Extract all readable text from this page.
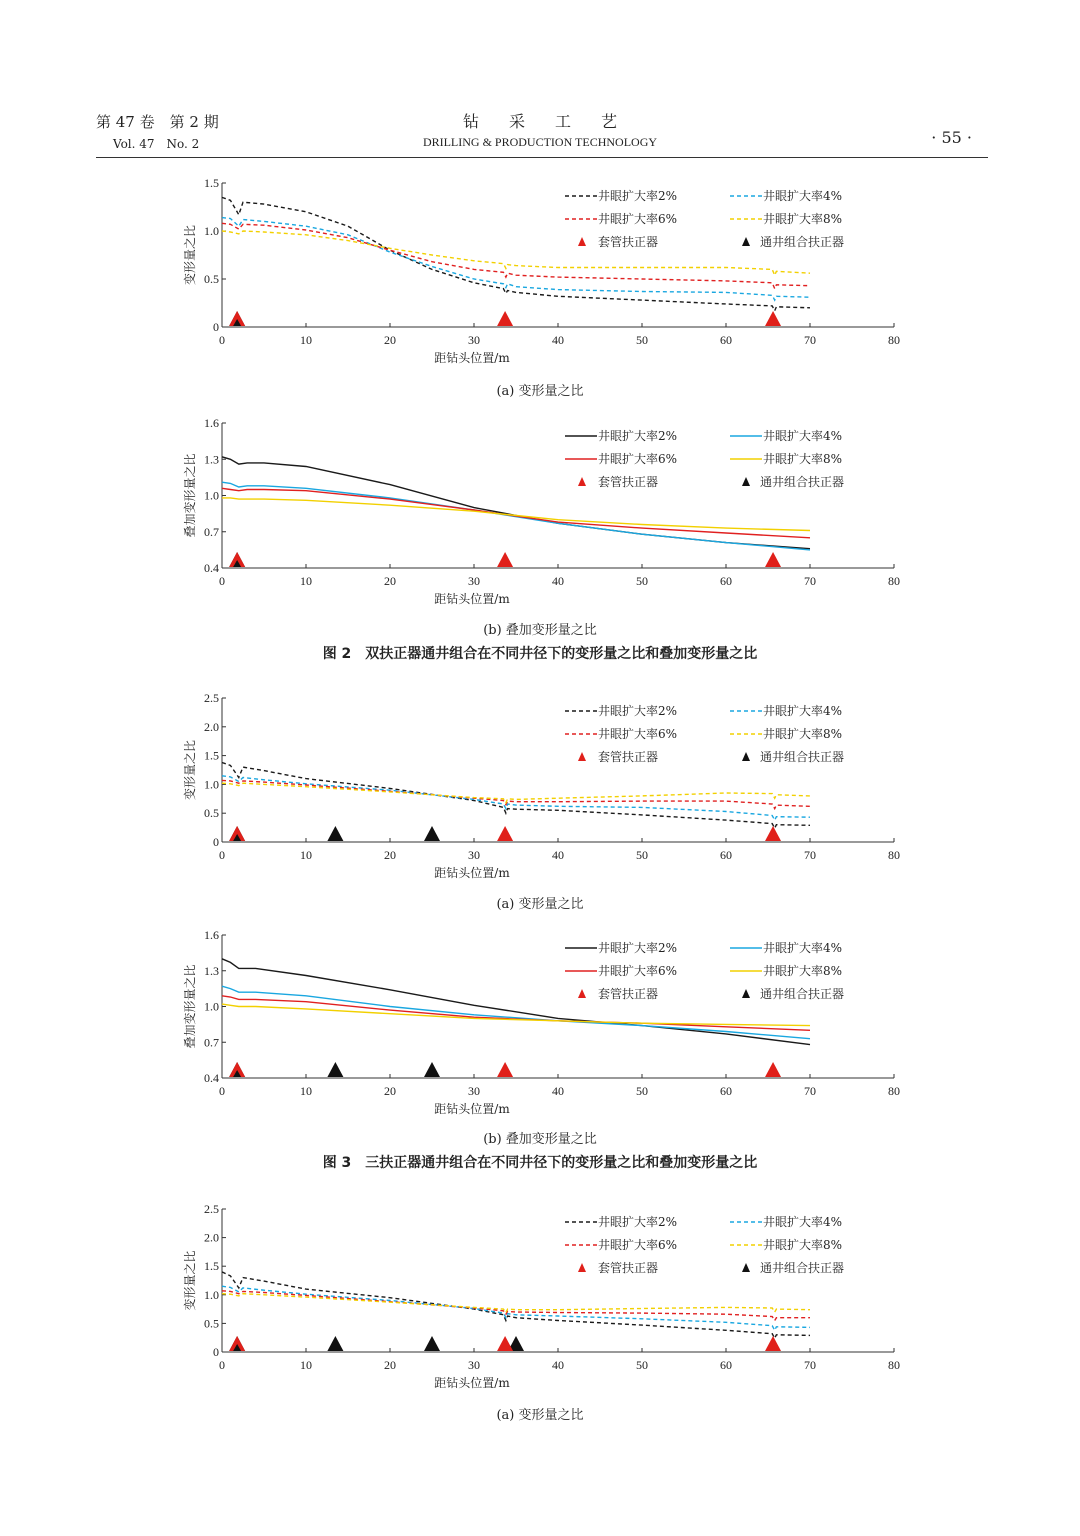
第 47 卷　第 2 期
Vol. 47　No. 2
钻采工艺
DRILLING & PRODUCTION TECHNOLOGY	· 55 ·
0	10	20	30	40	50	60	70	80
0
0.5
1.0
1.5
距钻头位置/m
变形量之比
井眼扩大率2%	井眼扩大率4%
井眼扩大率6%	井眼扩大率8%
套管扶正器	通井组合扶正器
(a) 变形量之比
0	10	20	30	40	50	60	70	80
0.4
0.7
1.0
1.3
1.6
距钻头位置/m
叠加变形量之比
井眼扩大率2%	井眼扩大率4%
井眼扩大率6%	井眼扩大率8%
套管扶正器	通井组合扶正器
(b) 叠加变形量之比
图 2　双扶正器通井组合在不同井径下的变形量之比和叠加变形量之比
0	10	20	30	40	50	60	70	80
0
0.5
1.0
1.5
2.0
2.5
距钻头位置/m
变形量之比
井眼扩大率2%	井眼扩大率4%
井眼扩大率6%	井眼扩大率8%
套管扶正器	通井组合扶正器
(a) 变形量之比
0	10	20	30	40	50	60	70	80
0.4
0.7
1.0
1.3
1.6
距钻头位置/m
叠加变形量之比
井眼扩大率2%	井眼扩大率4%
井眼扩大率6%	井眼扩大率8%
套管扶正器	通井组合扶正器
(b) 叠加变形量之比
图 3　三扶正器通井组合在不同井径下的变形量之比和叠加变形量之比
0	10	20	30	40	50	60	70	80
0
0.5
1.0
1.5
2.0
2.5
距钻头位置/m
变形量之比
井眼扩大率2%	井眼扩大率4%
井眼扩大率6%	井眼扩大率8%
套管扶正器	通井组合扶正器
(a) 变形量之比
